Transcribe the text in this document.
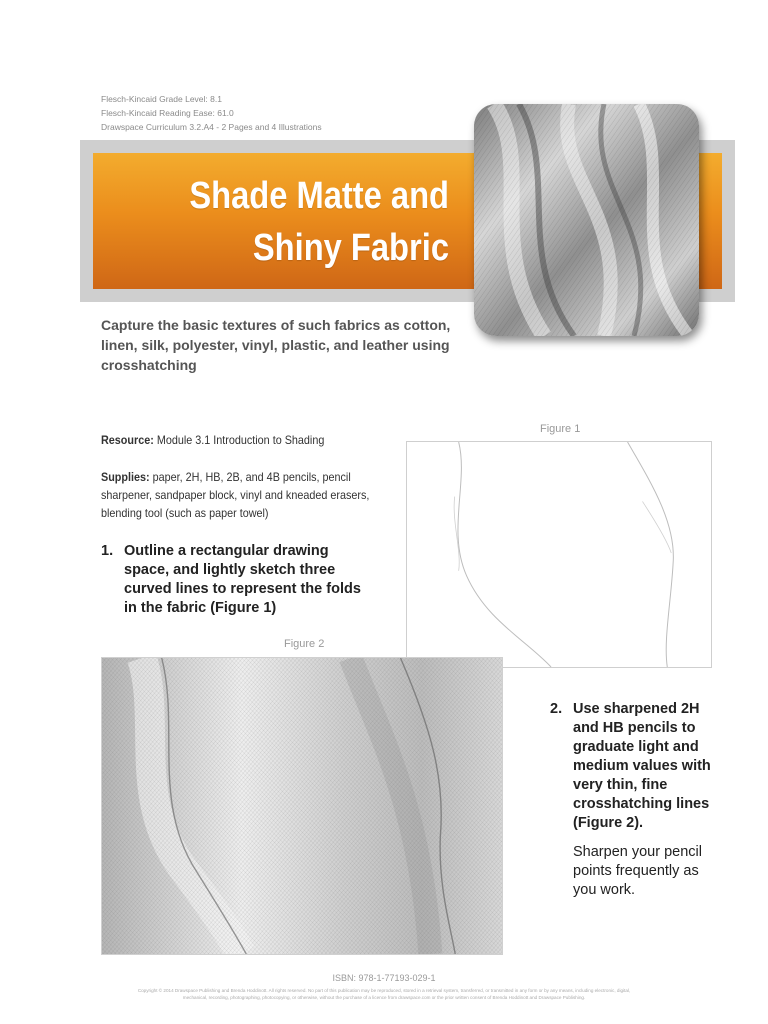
Flesch-Kincaid Grade Level: 8.1
Flesch-Kincaid Reading Ease: 61.0
Drawspace Curriculum 3.2.A4 - 2 Pages and 4 Illustrations
Shade Matte and
Shiny Fabric
Capture the basic textures of such fabrics as cotton, linen, silk, polyester, vinyl, plastic, and leather using crosshatching
Resource: Module 3.1 Introduction to Shading
Supplies: paper, 2H, HB, 2B, and 4B pencils, pencil sharpener, sandpaper block, vinyl and kneaded erasers, blending tool (such as paper towel)
1. Outline a rectangular drawing space, and lightly sketch three curved lines to represent the folds in the fabric (Figure 1)
Figure 1
Figure 2
2. Use sharpened 2H and HB pencils to graduate light and medium values with very thin, fine crosshatching lines (Figure 2).
Sharpen your pencil points frequently as you work.
ISBN: 978-1-77193-029-1
Copyright © 2014 Drawspace Publishing and Brenda Hoddinott. All rights reserved. No part of this publication may be reproduced, stored in a retrieval system, transferred, or transmitted in any form or by any means, including electronic, digital, mechanical, recording, photographing, photocopying, or otherwise, without the purchase of a licence from drawspace.com or the prior written consent of Brenda Hoddinott and Drawspace Publishing.
